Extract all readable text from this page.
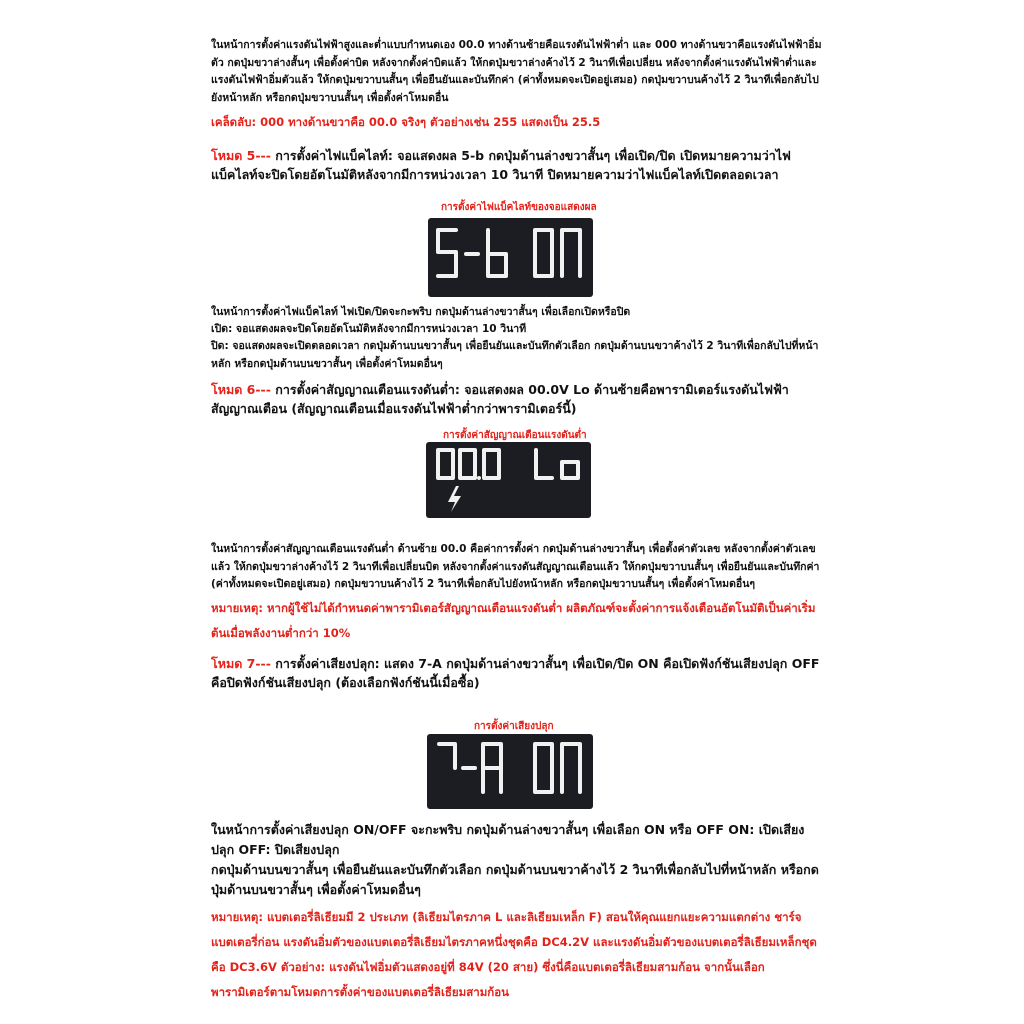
ในหน้าการตั้งค่าแรงดันไฟฟ้าสูงและต่ำแบบกำหนดเอง 00.0 ทางด้านซ้ายคือแรงดันไฟฟ้าต่ำ และ 000 ทางด้านขวาคือแรงดันไฟฟ้าอิ่มตัว กดปุ่มขวาล่างสั้นๆ เพื่อตั้งค่าบิต หลังจากตั้งค่าบิตแล้ว ให้กดปุ่มขวาล่างค้างไว้ 2 วินาทีเพื่อเปลี่ยน หลังจากตั้งค่าแรงดันไฟฟ้าต่ำและแรงดันไฟฟ้าอิ่มตัวแล้ว ให้กดปุ่มขวาบนสั้นๆ เพื่อยืนยันและบันทึกค่า (ค่าทั้งหมดจะเปิดอยู่เสมอ) กดปุ่มขวาบนค้างไว้ 2 วินาทีเพื่อกลับไปยังหน้าหลัก หรือกดปุ่มขวาบนสั้นๆ เพื่อตั้งค่าโหมดอื่น

เคล็ดลับ: 000 ทางด้านขวาคือ 00.0 จริงๆ ตัวอย่างเช่น 255 แสดงเป็น 25.5

โหมด 5--- การตั้งค่าไฟแบ็คไลท์: จอแสดงผล 5-b กดปุ่มด้านล่างขวาสั้นๆ เพื่อเปิด/ปิด เปิดหมายความว่าไฟแบ็คไลท์จะปิดโดยอัตโนมัติหลังจากมีการหน่วงเวลา 10 วินาที ปิดหมายความว่าไฟแบ็คไลท์เปิดตลอดเวลา

การตั้งค่าไฟแบ็คไลท์ของจอแสดงผล

ในหน้าการตั้งค่าไฟแบ็คไลท์ ไฟเปิด/ปิดจะกะพริบ กดปุ่มด้านล่างขวาสั้นๆ เพื่อเลือกเปิดหรือปิด

เปิด: จอแสดงผลจะปิดโดยอัตโนมัติหลังจากมีการหน่วงเวลา 10 วินาที

ปิด: จอแสดงผลจะเปิดตลอดเวลา กดปุ่มด้านบนขวาสั้นๆ เพื่อยืนยันและบันทึกตัวเลือก กดปุ่มด้านบนขวาค้างไว้ 2 วินาทีเพื่อกลับไปที่หน้าหลัก หรือกดปุ่มด้านบนขวาสั้นๆ เพื่อตั้งค่าโหมดอื่นๆ

โหมด 6--- การตั้งค่าสัญญาณเตือนแรงดันต่ำ: จอแสดงผล 00.0V Lo ด้านซ้ายคือพารามิเตอร์แรงดันไฟฟ้าสัญญาณเตือน (สัญญาณเตือนเมื่อแรงดันไฟฟ้าต่ำกว่าพารามิเตอร์นี้)

การตั้งค่าสัญญาณเตือนแรงดันต่ำ

ในหน้าการตั้งค่าสัญญาณเตือนแรงดันต่ำ ด้านซ้าย 00.0 คือค่าการตั้งค่า กดปุ่มด้านล่างขวาสั้นๆ เพื่อตั้งค่าตัวเลข หลังจากตั้งค่าตัวเลขแล้ว ให้กดปุ่มขวาล่างค้างไว้ 2 วินาทีเพื่อเปลี่ยนบิต หลังจากตั้งค่าแรงดันสัญญาณเตือนแล้ว ให้กดปุ่มขวาบนสั้นๆ เพื่อยืนยันและบันทึกค่า (ค่าทั้งหมดจะเปิดอยู่เสมอ) กดปุ่มขวาบนค้างไว้ 2 วินาทีเพื่อกลับไปยังหน้าหลัก หรือกดปุ่มขวาบนสั้นๆ เพื่อตั้งค่าโหมดอื่นๆ

หมายเหตุ: หากผู้ใช้ไม่ได้กำหนดค่าพารามิเตอร์สัญญาณเตือนแรงดันต่ำ ผลิตภัณฑ์จะตั้งค่าการแจ้งเตือนอัตโนมัติเป็นค่าเริ่มต้นเมื่อพลังงานต่ำกว่า 10%

โหมด 7--- การตั้งค่าเสียงปลุก: แสดง 7-A กดปุ่มด้านล่างขวาสั้นๆ เพื่อเปิด/ปิด ON คือเปิดฟังก์ชันเสียงปลุก OFF คือปิดฟังก์ชันเสียงปลุก (ต้องเลือกฟังก์ชันนี้เมื่อซื้อ)

การตั้งค่าเสียงปลุก

ในหน้าการตั้งค่าเสียงปลุก ON/OFF จะกะพริบ กดปุ่มด้านล่างขวาสั้นๆ เพื่อเลือก ON หรือ OFF ON: เปิดเสียงปลุก OFF: ปิดเสียงปลุก

กดปุ่มด้านบนขวาสั้นๆ เพื่อยืนยันและบันทึกตัวเลือก กดปุ่มด้านบนขวาค้างไว้ 2 วินาทีเพื่อกลับไปที่หน้าหลัก หรือกดปุ่มด้านบนขวาสั้นๆ เพื่อตั้งค่าโหมดอื่นๆ

หมายเหตุ: แบตเตอรี่ลิเธียมมี 2 ประเภท (ลิเธียมไตรภาค L และลิเธียมเหล็ก F) สอนให้คุณแยกแยะความแตกต่าง ชาร์จแบตเตอรี่ก่อน แรงดันอิ่มตัวของแบตเตอรี่ลิเธียมไตรภาคหนึ่งชุดคือ DC4.2V และแรงดันอิ่มตัวของแบตเตอรี่ลิเธียมเหล็กชุดคือ DC3.6V ตัวอย่าง: แรงดันไฟอิ่มตัวแสดงอยู่ที่ 84V (20 สาย) ซึ่งนี่คือแบตเตอรี่ลิเธียมสามก้อน จากนั้นเลือกพารามิเตอร์ตามโหมดการตั้งค่าของแบตเตอรี่ลิเธียมสามก้อน
